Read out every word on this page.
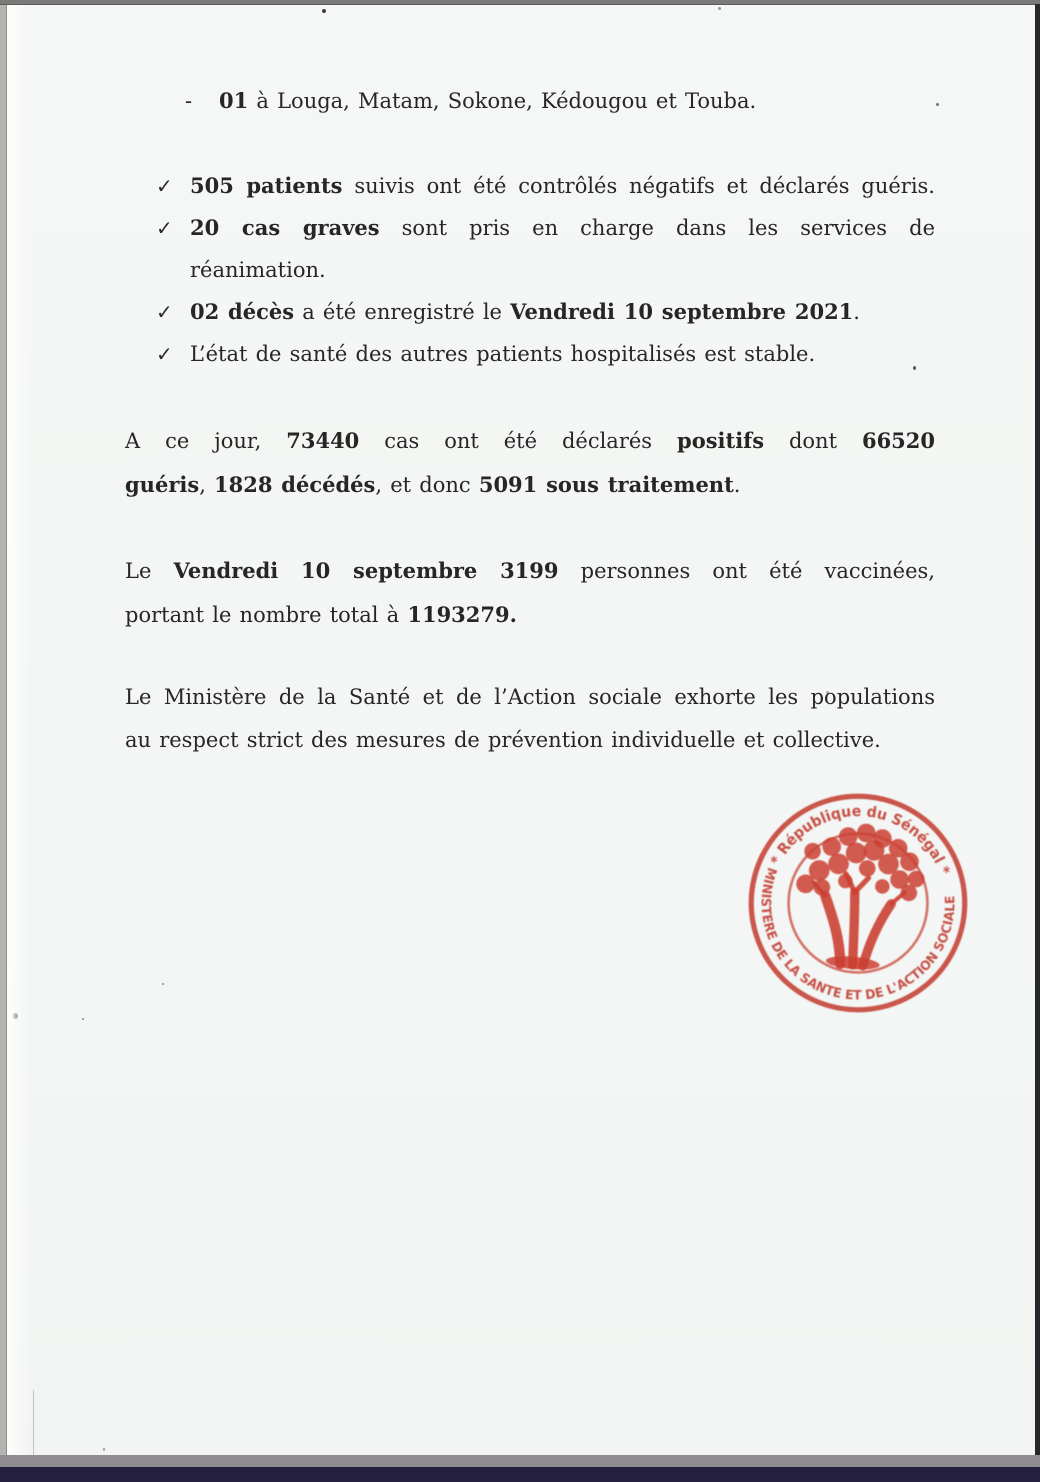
- 01 à Louga, Matam, Sokone, Kédougou et Touba.
✓ 505 patients suivis ont été contrôlés négatifs et déclarés guéris.
✓ 20 cas graves sont pris en charge dans les services de
réanimation.
✓ 02 décès a été enregistré le Vendredi 10 septembre 2021.
✓ L’état de santé des autres patients hospitalisés est stable.
A ce jour, 73440 cas ont été déclarés positifs dont 66520
guéris, 1828 décédés, et donc 5091 sous traitement.
Le Vendredi 10 septembre 3199 personnes ont été vaccinées,
portant le nombre total à 1193279.
Le Ministère de la Santé et de l’Action sociale exhorte les populations
au respect strict des mesures de prévention individuelle et collective.
* République du Sénégal *
MINISTERE DE LA SANTE ET DE L'ACTION SOCIALE
